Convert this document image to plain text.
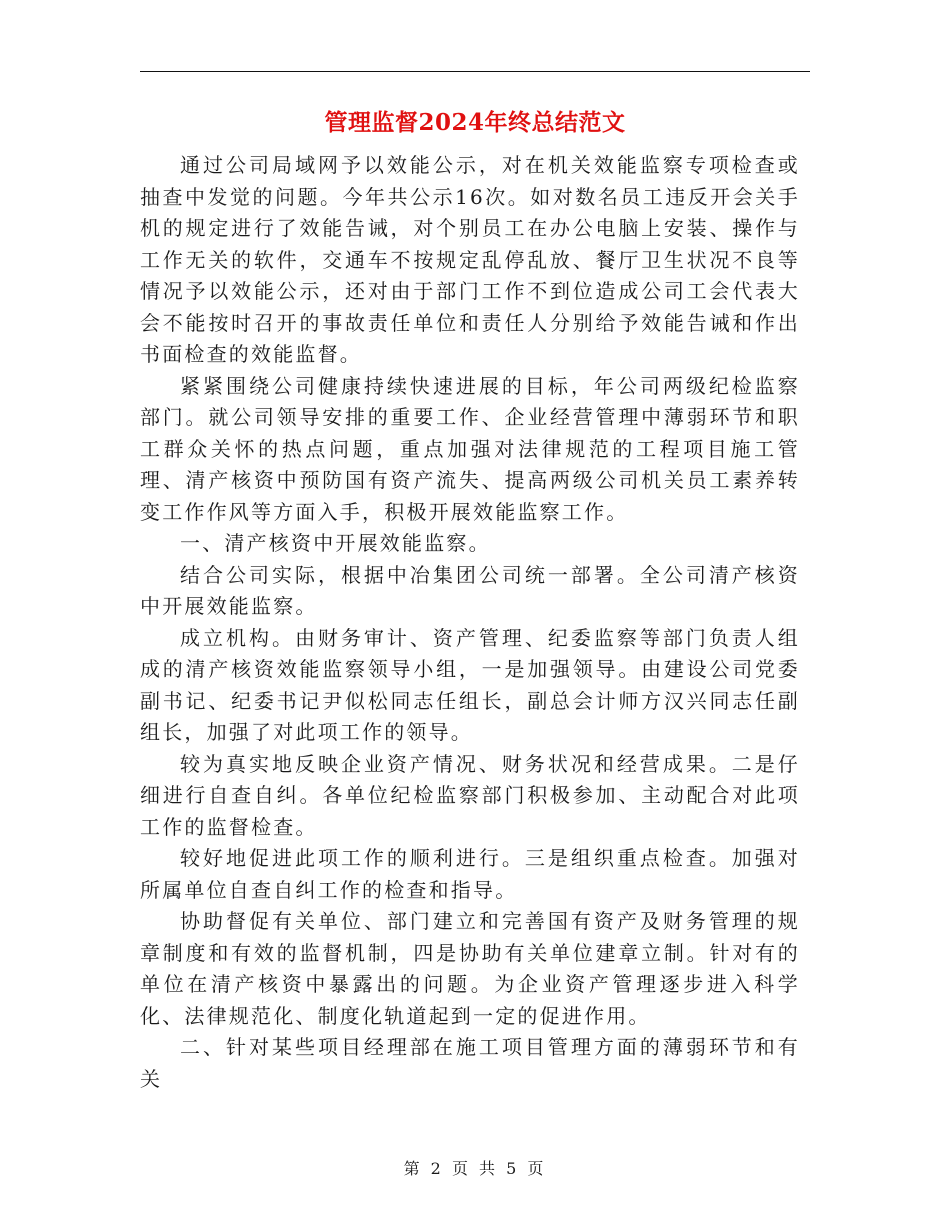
管理监督2024年终总结范文

通过公司局域网予以效能公示，对在机关效能监察专项检查或抽查中发觉的问题。今年共公示16次。如对数名员工违反开会关手机的规定进行了效能告诫，对个别员工在办公电脑上安装、操作与工作无关的软件，交通车不按规定乱停乱放、餐厅卫生状况不良等情况予以效能公示，还对由于部门工作不到位造成公司工会代表大会不能按时召开的事故责任单位和责任人分别给予效能告诫和作出书面检查的效能监督。

紧紧围绕公司健康持续快速进展的目标，年公司两级纪检监察部门。就公司领导安排的重要工作、企业经营管理中薄弱环节和职工群众关怀的热点问题，重点加强对法律规范的工程项目施工管理、清产核资中预防国有资产流失、提高两级公司机关员工素养转变工作作风等方面入手，积极开展效能监察工作。

一、清产核资中开展效能监察。

结合公司实际，根据中冶集团公司统一部署。全公司清产核资中开展效能监察。

成立机构。由财务审计、资产管理、纪委监察等部门负责人组成的清产核资效能监察领导小组，一是加强领导。由建设公司党委副书记、纪委书记尹似松同志任组长，副总会计师方汉兴同志任副组长，加强了对此项工作的领导。

较为真实地反映企业资产情况、财务状况和经营成果。二是仔细进行自查自纠。各单位纪检监察部门积极参加、主动配合对此项工作的监督检查。

较好地促进此项工作的顺利进行。三是组织重点检查。加强对所属单位自查自纠工作的检查和指导。

协助督促有关单位、部门建立和完善国有资产及财务管理的规章制度和有效的监督机制，四是协助有关单位建章立制。针对有的单位在清产核资中暴露出的问题。为企业资产管理逐步进入科学化、法律规范化、制度化轨道起到一定的促进作用。

二、针对某些项目经理部在施工项目管理方面的薄弱环节和有关

第 2 页 共 5 页
